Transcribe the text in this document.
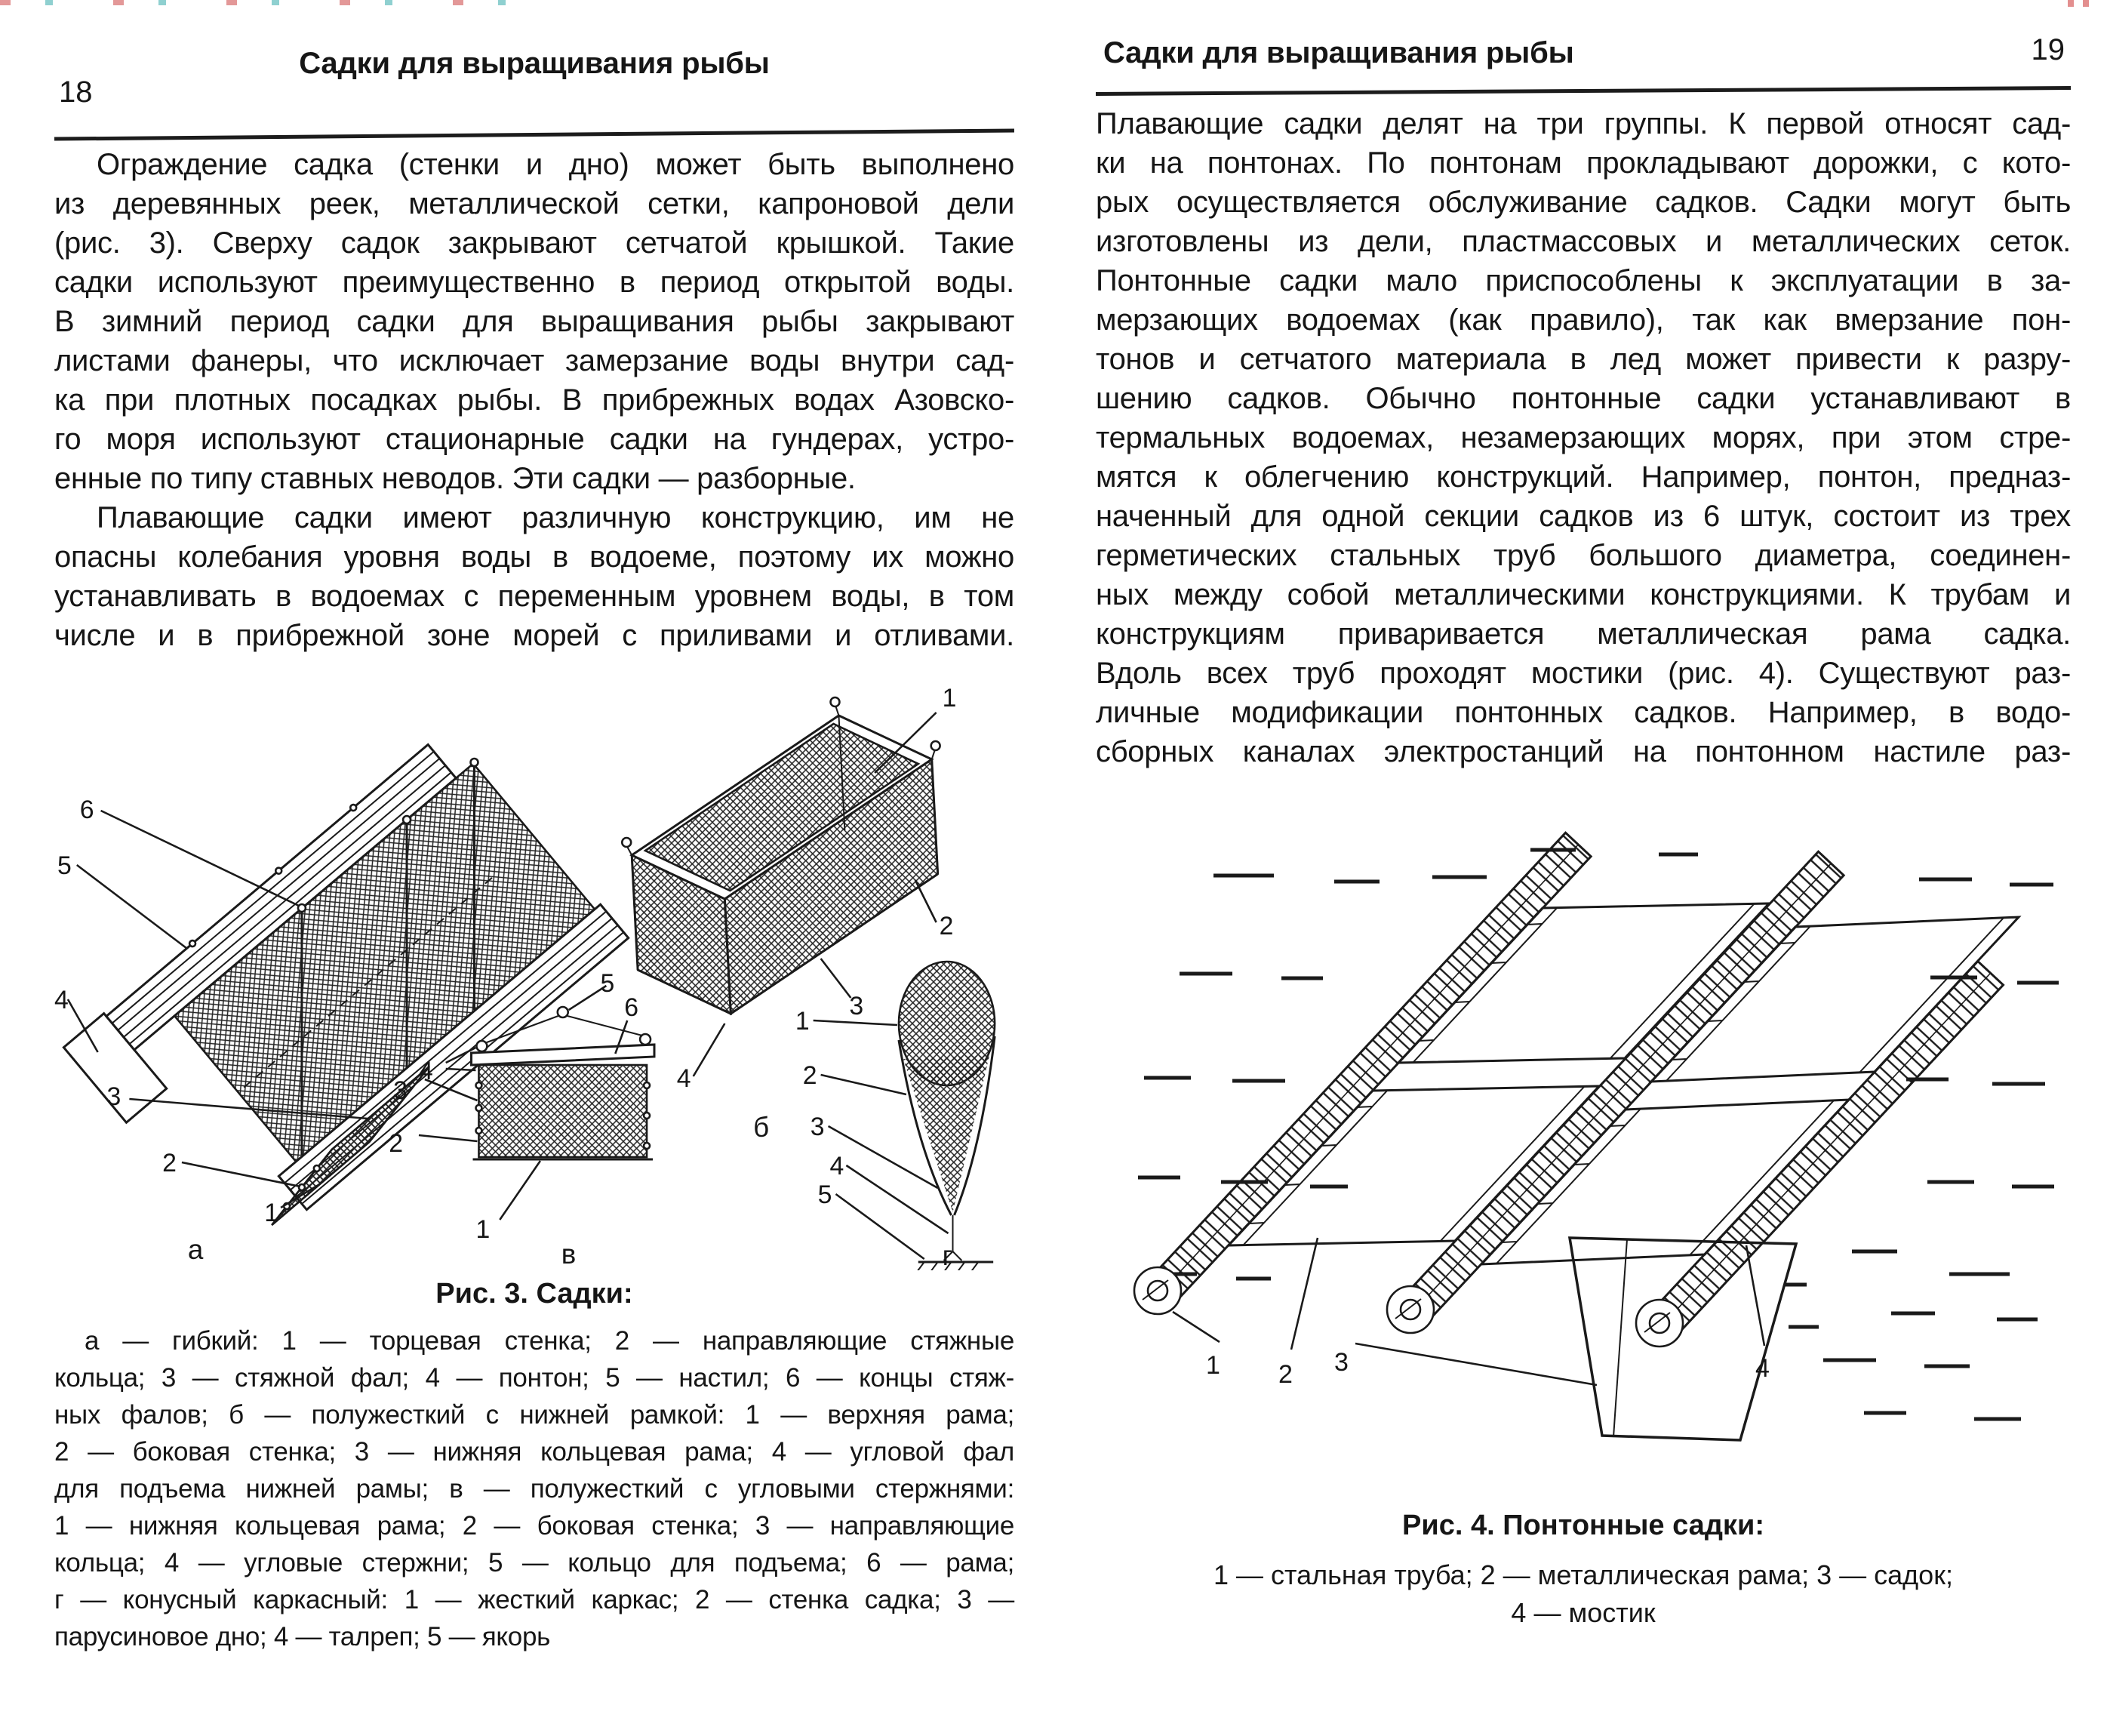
18
Садки для выращивания рыбы
Ограждение садка (стенки и дно) может быть выполнено
из деревянных реек, металлической сетки, капроновой дели
(рис. 3). Сверху садок закрывают сетчатой крышкой. Такие
садки используют преимущественно в период открытой воды.
В зимний период садки для выращивания рыбы закрывают
листами фанеры, что исключает замерзание воды внутри сад-
ка при плотных посадках рыбы. В прибрежных водах Азовско-
го моря используют стационарные садки на гундерах, устро-
енные по типу ставных неводов. Эти садки — разборные.
Плавающие садки имеют различную конструкцию, им не
опасны колебания уровня воды в водоеме, поэтому их можно
устанавливать в водоемах с переменным уровнем воды, в том
числе и в прибрежной зоне морей с приливами и отливами.
6
5
4
3
2
1
а
1
2
3
4
б
5
6
4
3
2
1
в
1
2
3
4
5
г
Рис. 3. Садки:
а — гибкий: 1 — торцевая стенка; 2 — направляющие стяжные
кольца; 3 — стяжной фал; 4 — понтон; 5 — настил; 6 — концы стяж-
ных фалов; б — полужесткий с нижней рамкой: 1 — верхняя рама;
2 — боковая стенка; 3 — нижняя кольцевая рама; 4 — угловой фал
для подъема нижней рамы; в — полужесткий с угловыми стержнями:
1 — нижняя кольцевая рама; 2 — боковая стенка; 3 — направляющие
кольца; 4 — угловые стержни; 5 — кольцо для подъема; 6 — рама;
г — конусный каркасный: 1 — жесткий каркас; 2 — стенка садка; 3 —
парусиновое дно; 4 — талреп; 5 — якорь
Садки для выращивания рыбы	19
Плавающие садки делят на три группы. К первой относят сад-
ки на понтонах. По понтонам прокладывают дорожки, с кото-
рых осуществляется обслуживание садков. Садки могут быть
изготовлены из дели, пластмассовых и металлических сеток.
Понтонные садки мало приспособлены к эксплуатации в за-
мерзающих водоемах (как правило), так как вмерзание пон-
тонов и сетчатого материала в лед может привести к разру-
шению садков. Обычно понтонные садки устанавливают в
термальных водоемах, незамерзающих морях, при этом стре-
мятся к облегчению конструкций. Например, понтон, предназ-
наченный для одной секции садков из 6 штук, состоит из трех
герметических стальных труб большого диаметра, соединен-
ных между собой металлическими конструкциями. К трубам и
конструкциям приваривается металлическая рама садка.
Вдоль всех труб проходят мостики (рис. 4). Существуют раз-
личные модификации понтонных садков. Например, в водо-
сборных каналах электростанций на понтонном настиле раз-
1 2 3	4
Рис. 4. Понтонные садки:
1 — стальная труба; 2 — металлическая рама; 3 — садок;
4 — мостик
